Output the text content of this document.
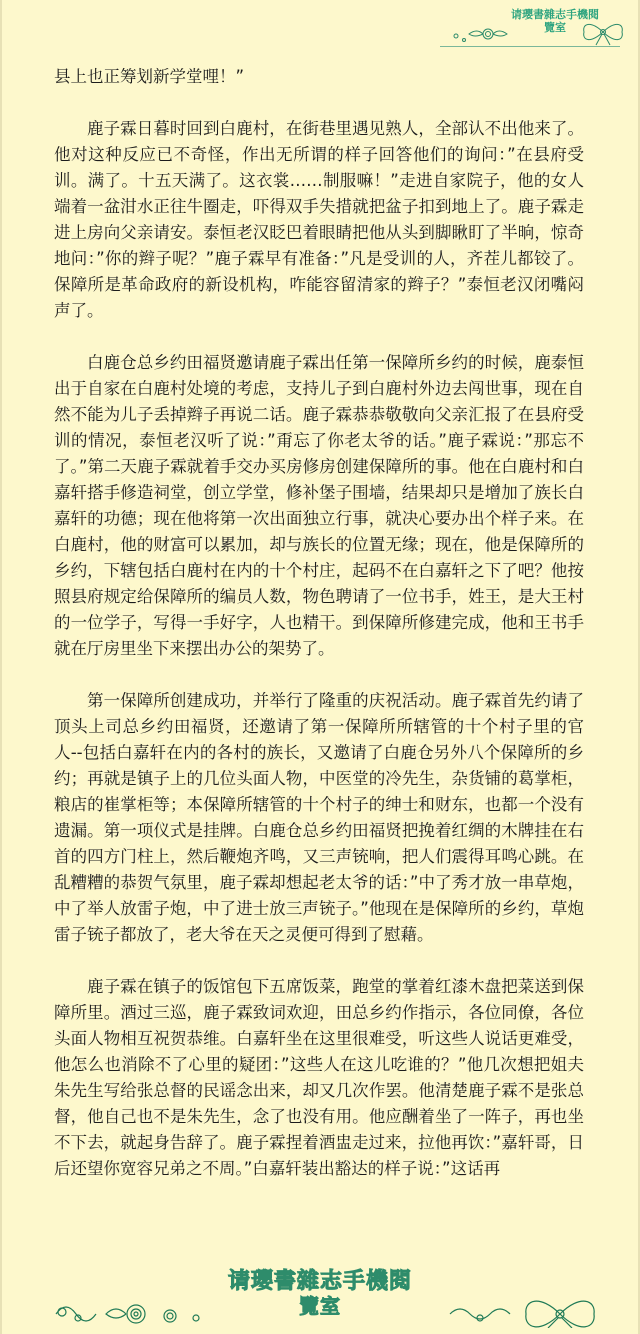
请瓔書雜志手機閱
覽室

县上也正筹划新学堂哩！”

鹿子霖日暮时回到白鹿村，在街巷里遇见熟人，全部认不出他来了。他对这种反应已不奇怪，作出无所谓的样子回答他们的询问：”在县府受训。满了。十五天满了。这衣裳……制服嘛！”走进自家院子，他的女人端着一盆泔水正往牛圈走，吓得双手失措就把盆子扣到地上了。鹿子霖走进上房向父亲请安。泰恒老汉眨巴着眼睛把他从头到脚瞅盯了半晌，惊奇地问：”你的辫子呢？”鹿子霖早有准备：”凡是受训的人，齐茬儿都铰了。保障所是革命政府的新设机构，咋能容留清家的辫子？”泰恒老汉闭嘴闷声了。

白鹿仓总乡约田福贤邀请鹿子霖出任第一保障所乡约的时候，鹿泰恒出于自家在白鹿村处境的考虑，支持儿子到白鹿村外边去闯世事，现在自然不能为儿子丢掉辫子再说二话。鹿子霖恭恭敬敬向父亲汇报了在县府受训的情况，泰恒老汉听了说：”甭忘了你老太爷的话。”鹿子霖说：”那忘不了。”第二天鹿子霖就着手交办买房修房创建保障所的事。他在白鹿村和白嘉轩搭手修造祠堂，创立学堂，修补堡子围墙，结果却只是增加了族长白嘉轩的功德；现在他将第一次出面独立行事，就决心要办出个样子来。在白鹿村，他的财富可以累加，却与族长的位置无缘；现在，他是保障所的乡约，下辖包括白鹿村在内的十个村庄，起码不在白嘉轩之下了吧？他按照县府规定给保障所的编员人数，物色聘请了一位书手，姓王，是大王村的一位学子，写得一手好字，人也精干。到保障所修建完成，他和王书手就在厅房里坐下来摆出办公的架势了。

第一保障所创建成功，并举行了隆重的庆祝活动。鹿子霖首先约请了顶头上司总乡约田福贤，还邀请了第一保障所所辖管的十个村子里的官人--包括白嘉轩在内的各村的族长，又邀请了白鹿仓另外八个保障所的乡约；再就是镇子上的几位头面人物，中医堂的冷先生，杂货铺的葛掌柜，粮店的崔掌柜等；本保障所辖管的十个村子的绅士和财东，也都一个没有遗漏。第一项仪式是挂牌。白鹿仓总乡约田福贤把挽着红绸的木牌挂在右首的四方门柱上，然后鞭炮齐鸣，又三声铳响，把人们震得耳鸣心跳。在乱糟糟的恭贺气氛里，鹿子霖却想起老太爷的话：”中了秀才放一串草炮，中了举人放雷子炮，中了进士放三声铳子。”他现在是保障所的乡约，草炮雷子铳子都放了，老大爷在天之灵便可得到了慰藉。

鹿子霖在镇子的饭馆包下五席饭菜，跑堂的掌着红漆木盘把菜送到保障所里。酒过三巡，鹿子霖致词欢迎，田总乡约作指示，各位同僚，各位头面人物相互祝贺恭维。白嘉轩坐在这里很难受，听这些人说话更难受，他怎么也消除不了心里的疑团：”这些人在这儿吃谁的？”他几次想把姐夫朱先生写给张总督的民谣念出来，却又几次作罢。他清楚鹿子霖不是张总督，他自己也不是朱先生，念了也没有用。他应酬着坐了一阵子，再也坐不下去，就起身告辞了。鹿子霖捏着酒盅走过来，拉他再饮：”嘉轩哥，日后还望你宽容兄弟之不周。”白嘉轩装出豁达的样子说：”这话再

请瓔書雜志手機閱
覽室
